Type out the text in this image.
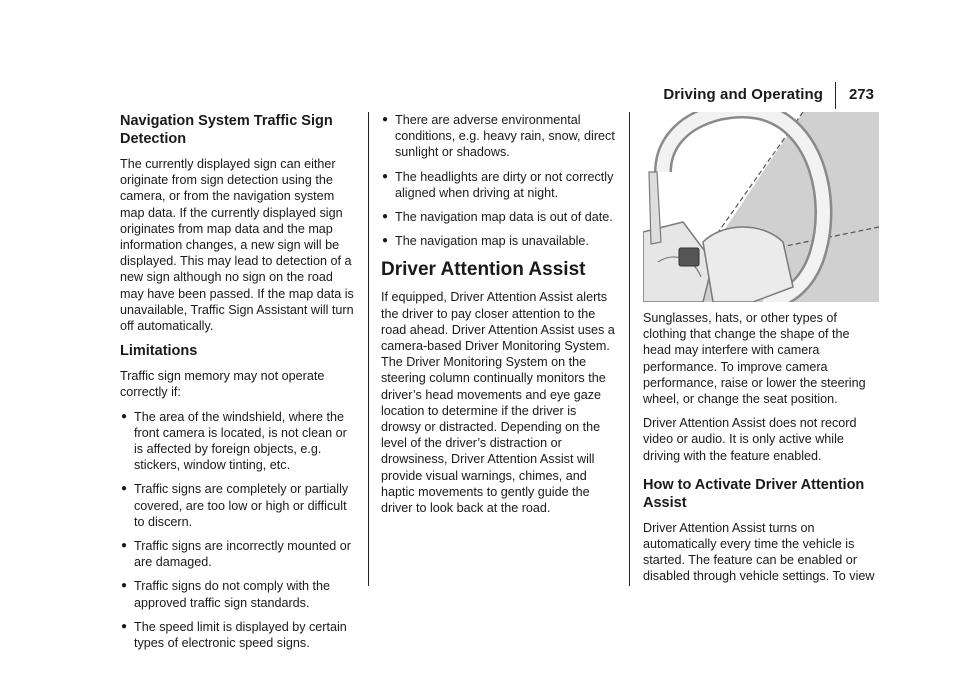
Driving and Operating 273
Navigation System Traffic Sign Detection

The currently displayed sign can either originate from sign detection using the camera, or from the navigation system map data. If the currently displayed sign originates from map data and the map information changes, a new sign will be displayed. This may lead to detection of a new sign although no sign on the road may have been passed. If the map data is unavailable, Traffic Sign Assistant will turn off automatically.

Limitations

Traffic sign memory may not operate correctly if:

● The area of the windshield, where the front camera is located, is not clean or is affected by foreign objects, e.g. stickers, window tinting, etc.
● Traffic signs are completely or partially covered, are too low or high or difficult to discern.
● Traffic signs are incorrectly mounted or are damaged.
● Traffic signs do not comply with the approved traffic sign standards.
● The speed limit is displayed by certain types of electronic speed signs.
● There are adverse environmental conditions, e.g. heavy rain, snow, direct sunlight or shadows.
● The headlights are dirty or not correctly aligned when driving at night.
● The navigation map data is out of date.
● The navigation map is unavailable.
Driver Attention Assist

If equipped, Driver Attention Assist alerts the driver to pay closer attention to the road ahead. Driver Attention Assist uses a camera-based Driver Monitoring System. The Driver Monitoring System on the steering column continually monitors the driver’s head movements and eye gaze location to determine if the driver is drowsy or distracted. Depending on the level of the driver’s distraction or drowsiness, Driver Attention Assist will provide visual warnings, chimes, and haptic movements to gently guide the driver to look back at the road.

Sunglasses, hats, or other types of clothing that change the shape of the head may interfere with camera performance. To improve camera performance, raise or lower the steering wheel, or change the seat position.

Driver Attention Assist does not record video or audio. It is only active while driving with the feature enabled.

How to Activate Driver Attention Assist

Driver Attention Assist turns on automatically every time the vehicle is started. The feature can be enabled or disabled through vehicle settings. To view
